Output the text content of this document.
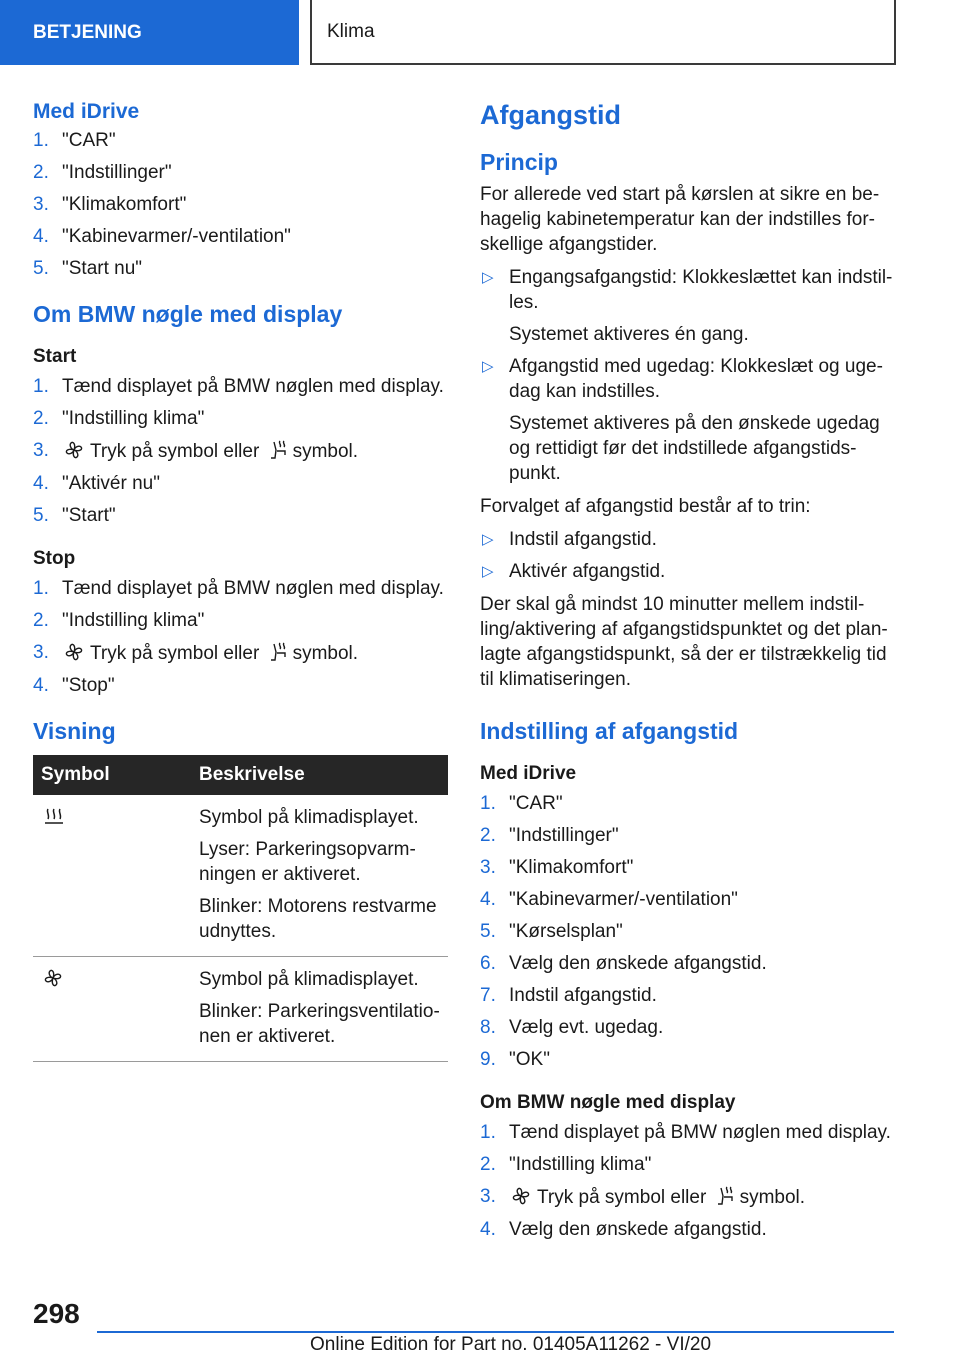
BETJENING	Klima
Med iDrive
1. "CAR"
2. "Indstillinger"
3. "Klimakomfort"
4. "Kabinevarmer/-ventilation"
5. "Start nu"
Om BMW nøgle med display
Start
1. Tænd displayet på BMW nøglen med display.
2. "Indstilling klima"
3. Tryk på symbol eller symbol.
4. "Aktivér nu"
5. "Start"
Stop
1. Tænd displayet på BMW nøglen med display.
2. "Indstilling klima"
3. Tryk på symbol eller symbol.
4. "Stop"
Visning
Symbol	Beskrivelse

Symbol på klimadisplayet.

Lyser: Parkeringsopvarm-ningen er aktiveret.

Blinker: Motorens restvarme udnyttes.

Symbol på klimadisplayet.

Blinker: Parkeringsventilatio-nen er aktiveret.

Afgangstid
Princip

For allerede ved start på kørslen at sikre en be-hagelig kabinetemperatur kan der indstilles for-skellige afgangstider.

▷ Engangsafgangstid: Klokkeslættet kan indstil-les.
Systemet aktiveres én gang.
▷ Afgangstid med ugedag: Klokkeslæt og uge-dag kan indstilles.
Systemet aktiveres på den ønskede ugedag og rettidigt før det indstillede afgangstids-punkt.

Forvalget af afgangstid består af to trin:

▷ Indstil afgangstid.
▷ Aktivér afgangstid.

Der skal gå mindst 10 minutter mellem indstil-ling/aktivering af afgangstidspunktet og det plan-lagte afgangstidspunkt, så der er tilstrækkelig tid til klimatiseringen.

Indstilling af afgangstid
Med iDrive
1. "CAR"
2. "Indstillinger"
3. "Klimakomfort"
4. "Kabinevarmer/-ventilation"
5. "Kørselsplan"
6. Vælg den ønskede afgangstid.
7. Indstil afgangstid.
8. Vælg evt. ugedag.
9. "OK"
Om BMW nøgle med display
1. Tænd displayet på BMW nøglen med display.
2. "Indstilling klima"
3. Tryk på symbol eller symbol.
4. Vælg den ønskede afgangstid.
298
Online Edition for Part no. 01405A11262 - VI/20
